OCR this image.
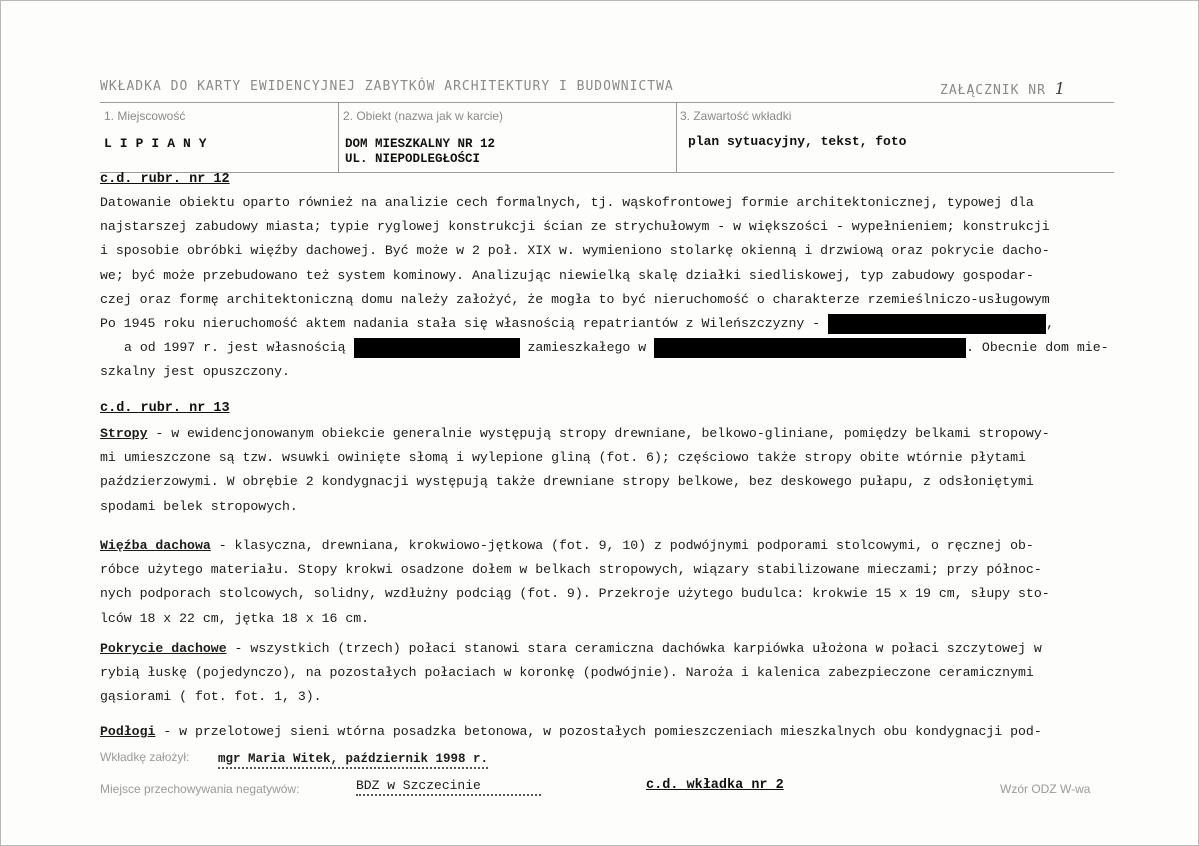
WKŁADKA DO KARTY EWIDENCYJNEJ ZABYTKÓW ARCHITEKTURY I BUDOWNICTWA	ZAŁĄCZNIK NR 1
1. Miejscowość
LIPIANY
2. Obiekt (nazwa jak w karcie)
DOM MIESZKALNY NR 12
UL. NIEPODLEGŁOŚCI
3. Zawartość wkładki
plan sytuacyjny, tekst, foto
c.d. rubr. nr 12
Datowanie obiektu oparto również na analizie cech formalnych, tj. wąskofrontowej formie architektonicznej, typowej dla
najstarszej zabudowy miasta; typie ryglowej konstrukcji ścian ze strychułowym - w większości - wypełnieniem; konstrukcji
i sposobie obróbki więźby dachowej. Być może w 2 poł. XIX w. wymieniono stolarkę okienną i drzwiową oraz pokrycie dacho-
we; być może przebudowano też system kominowy. Analizując niewielką skalę działki siedliskowej, typ zabudowy gospodar-
czej oraz formę architektoniczną domu należy założyć, że mogła to być nieruchomość o charakterze rzemieślniczo-usługowym
Po 1945 roku nieruchomość aktem nadania stała się własnością repatriantów z Wileńszczyzny -	,
a od 1997 r. jest własnością	zamieszkałego w	. Obecnie dom mie-
szkalny jest opuszczony.
c.d. rubr. nr 13
Stropy - w ewidencjonowanym obiekcie generalnie występują stropy drewniane, belkowo-gliniane, pomiędzy belkami stropowy-
mi umieszczone są tzw. wsuwki owinięte słomą i wylepione gliną (fot. 6); częściowo także stropy obite wtórnie płytami
paździerzowymi. W obrębie 2 kondygnacji występują także drewniane stropy belkowe, bez deskowego pułapu, z odsłoniętymi
spodami belek stropowych.
Więźba dachowa - klasyczna, drewniana, krokwiowo-jętkowa (fot. 9, 10) z podwójnymi podporami stolcowymi, o ręcznej ob-
róbce użytego materiału. Stopy krokwi osadzone dołem w belkach stropowych, wiązary stabilizowane mieczami; przy północ-
nych podporach stolcowych, solidny, wzdłużny podciąg (fot. 9). Przekroje użytego budulca: krokwie 15 x 19 cm, słupy sto-
lców 18 x 22 cm, jętka 18 x 16 cm.
Pokrycie dachowe - wszystkich (trzech) połaci stanowi stara ceramiczna dachówka karpiówka ułożona w połaci szczytowej w
rybią łuskę (pojedynczo), na pozostałych połaciach w koronkę (podwójnie). Naroża i kalenica zabezpieczone ceramicznymi
gąsiorami ( fot. fot. 1, 3).
Podłogi - w przelotowej sieni wtórna posadzka betonowa, w pozostałych pomieszczeniach mieszkalnych obu kondygnacji pod-
Wkładkę założył: mgr Maria Witek, październik 1998 r.
Miejsce przechowywania negatywów:	BDZ w Szczecinie	c.d. wkładka nr 2	Wzór ODZ W-wa
